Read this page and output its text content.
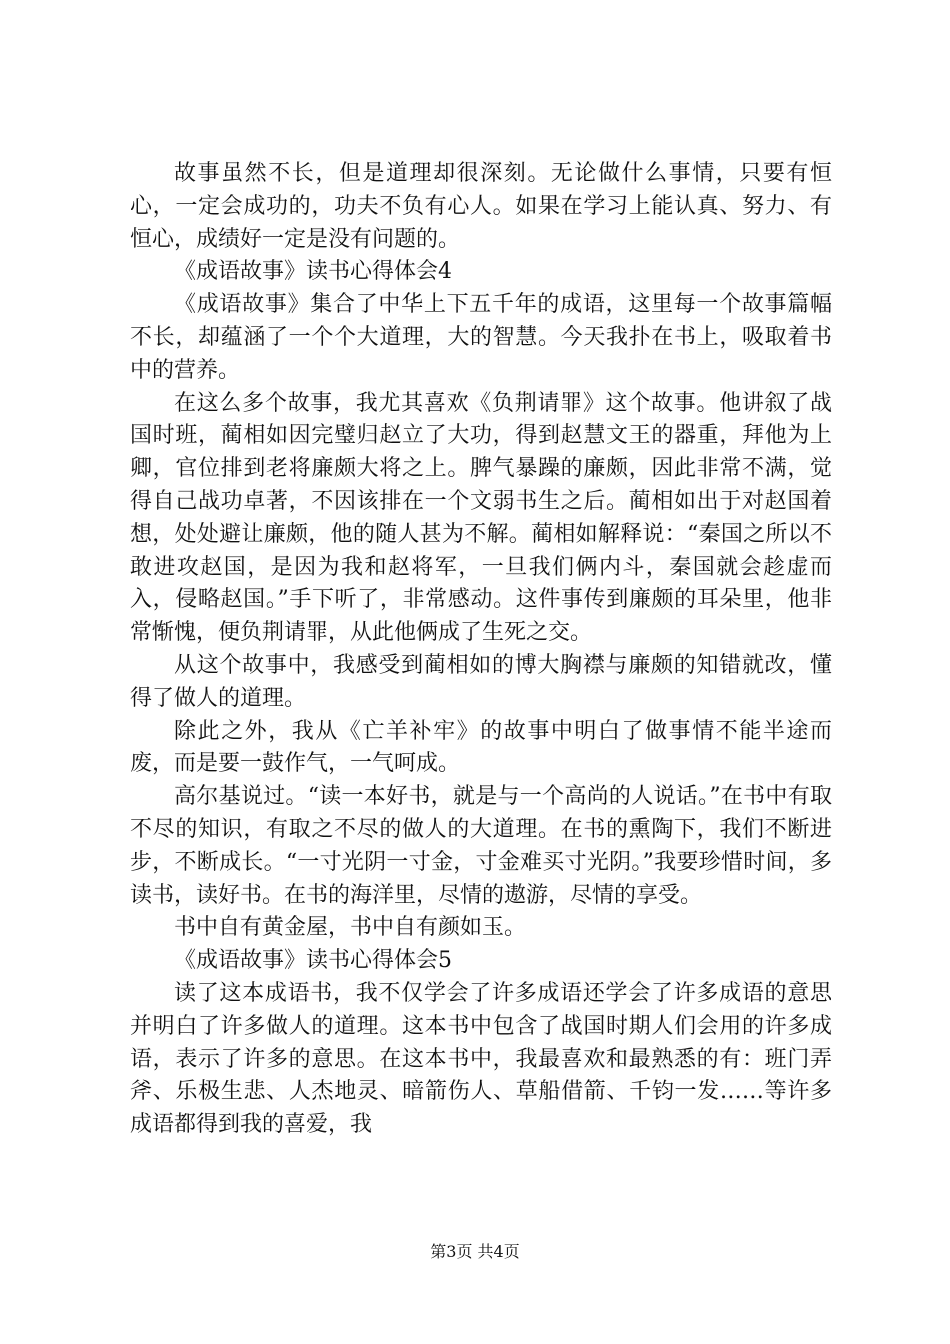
故事虽然不长，但是道理却很深刻。无论做什么事情，只要有恒心，一定会成功的，功夫不负有心人。如果在学习上能认真、努力、有恒心，成绩好一定是没有问题的。

《成语故事》读书心得体会4

《成语故事》集合了中华上下五千年的成语，这里每一个故事篇幅不长，却蕴涵了一个个大道理，大的智慧。今天我扑在书上，吸取着书中的营养。

在这么多个故事，我尤其喜欢《负荆请罪》这个故事。他讲叙了战国时班，蔺相如因完璧归赵立了大功，得到赵慧文王的器重，拜他为上卿，官位排到老将廉颇大将之上。脾气暴躁的廉颇，因此非常不满，觉得自己战功卓著，不因该排在一个文弱书生之后。蔺相如出于对赵国着想，处处避让廉颇，他的随人甚为不解。蔺相如解释说：“秦国之所以不敢进攻赵国，是因为我和赵将军，一旦我们俩内斗，秦国就会趁虚而入，侵略赵国。”手下听了，非常感动。这件事传到廉颇的耳朵里，他非常惭愧，便负荆请罪，从此他俩成了生死之交。

从这个故事中，我感受到蔺相如的博大胸襟与廉颇的知错就改，懂得了做人的道理。

除此之外，我从《亡羊补牢》的故事中明白了做事情不能半途而废，而是要一鼓作气，一气呵成。

高尔基说过。“读一本好书，就是与一个高尚的人说话。”在书中有取不尽的知识，有取之不尽的做人的大道理。在书的熏陶下，我们不断进步，不断成长。“一寸光阴一寸金，寸金难买寸光阴。”我要珍惜时间，多读书，读好书。在书的海洋里，尽情的遨游，尽情的享受。

书中自有黄金屋，书中自有颜如玉。

《成语故事》读书心得体会5

读了这本成语书，我不仅学会了许多成语还学会了许多成语的意思并明白了许多做人的道理。这本书中包含了战国时期人们会用的许多成语，表示了许多的意思。在这本书中，我最喜欢和最熟悉的有：班门弄斧、乐极生悲、人杰地灵、暗箭伤人、草船借箭、千钧一发……等许多成语都得到我的喜爱，我

第3页 共4页
